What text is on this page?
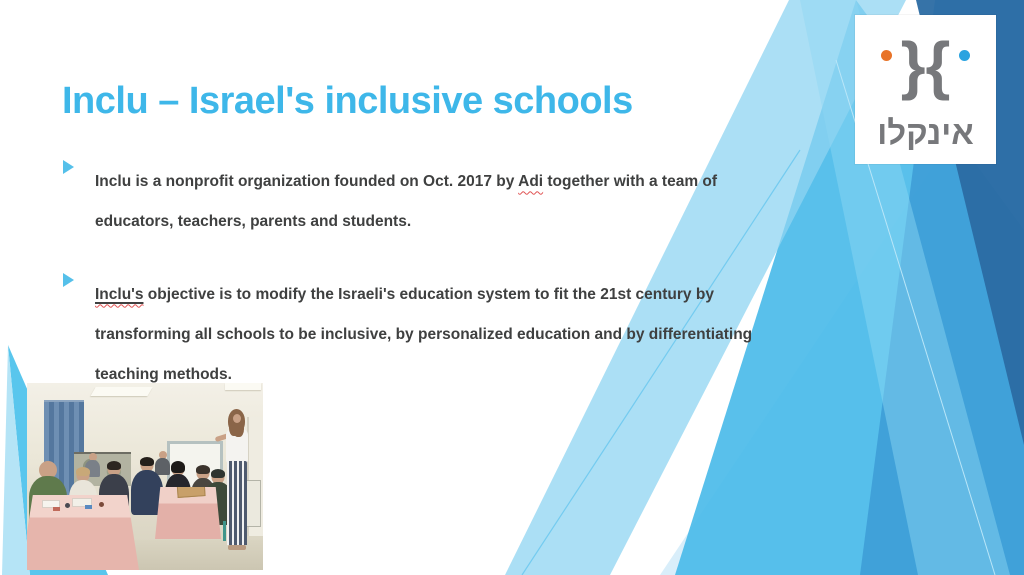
Inclu – Israel's inclusive schools

Inclu is a nonprofit organization founded on Oct. 2017 by Adi together with a team of educators, teachers, parents and students.

Inclu's objective is to modify the Israeli's education system to fit the 21st century by transforming all schools to be inclusive, by personalized education and by differentiating teaching methods.

} {
אינקלו
